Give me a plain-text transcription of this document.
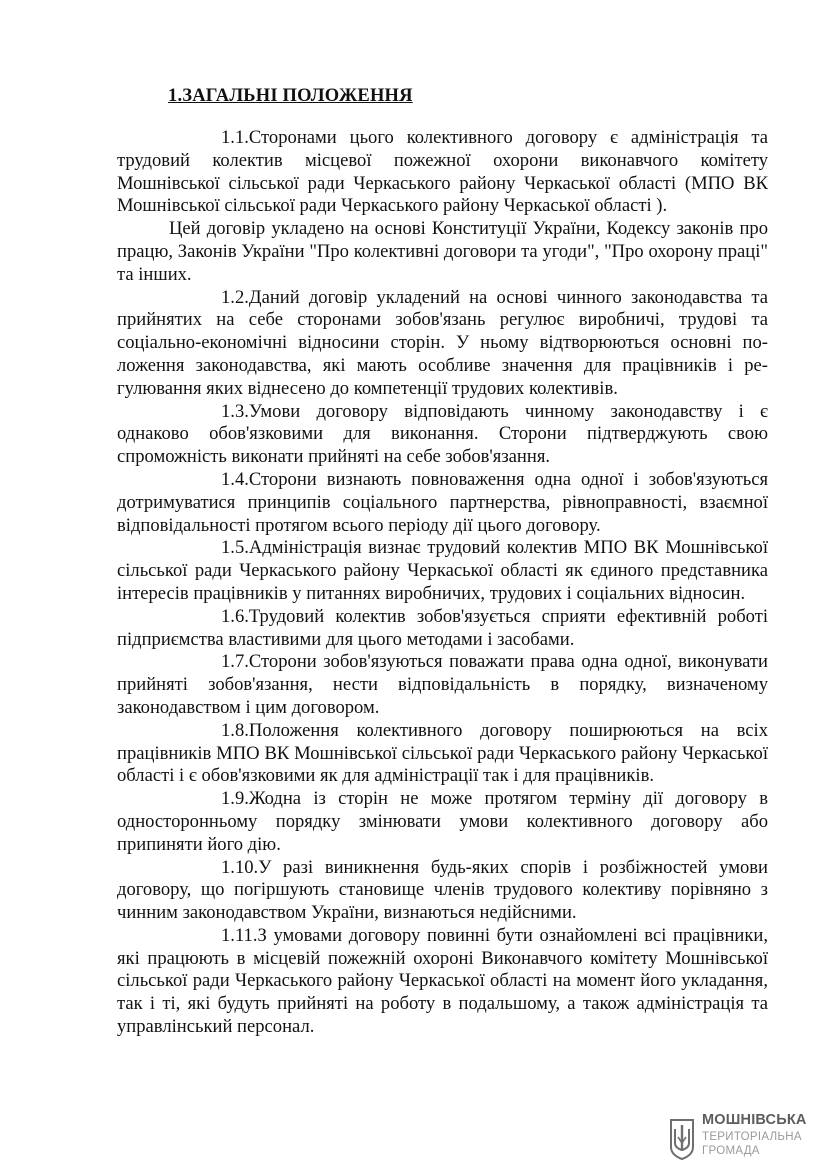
1.ЗАГАЛЬНІ ПОЛОЖЕННЯ

1.1.Сторонами цього колективного договору є адміністрація та трудовий колектив місцевої пожежної охорони виконавчого комітету Мошнівської сільської ради Черкаського району Черкаської області (МПО ВК Мошнівської сільської ради Черкаського району Черкаської області ).

Цей договір укладено на основі Конституції України, Кодексу законів про працю, Законів України "Про колективні договори та угоди", "Про охорону праці" та інших.

1.2.Даний договір укладений на основі чинного законодавства та прийнятих на себе сторонами зобов'язань регулює виробничі, трудові та соціально-економічні відносини сторін. У ньому відтворюються основні положення законодавства, які мають особливе значення для працівників і регулювання яких віднесено до компетенції трудових колективів.

1.3.Умови договору відповідають чинному законодавству і є однаково обов'язковими для виконання. Сторони підтверджують свою спроможність виконати прийняті на себе зобов'язання.

1.4.Сторони визнають повноваження одна одної і зобов'язуються дотримуватися принципів соціального партнерства, рівноправності, взаємної відповідальності протягом всього періоду дії цього договору.

1.5.Адміністрація визнає трудовий колектив МПО ВК Мошнівської сільської ради Черкаського району Черкаської області як єдиного представника інтересів працівників у питаннях виробничих, трудових і соціальних відносин.

1.6.Трудовий колектив зобов'язується сприяти ефективній роботі підприємства властивими для цього методами і засобами.

1.7.Сторони зобов'язуються поважати права одна одної, виконувати прийняті зобов'язання, нести відповідальність в порядку, визначеному законодавством і цим договором.

1.8.Положення колективного договору поширюються на всіх працівників МПО ВК Мошнівської сільської ради Черкаського району Черкаської області і є обов'язковими як для адміністрації так і для працівників.

1.9.Жодна із сторін не може протягом терміну дії договору в односторонньому порядку змінювати умови колективного договору або припиняти його дію.

1.10.У разі виникнення будь-яких спорів і розбіжностей умови договору, що погіршують становище членів трудового колективу порівняно з чинним законодавством України, визнаються недійсними.

1.11.З умовами договору повинні бути ознайомлені всі працівники, які працюють в місцевій пожежній охороні Виконавчого комітету Мошнівської сільської ради Черкаського району Черкаської області на момент його укладання, так і ті, які будуть прийняті на роботу в подальшому, а також адміністрація та управлінський персонал.

МОШНІВСЬКА
ТЕРИТОРІАЛЬНА
ГРОМАДА
